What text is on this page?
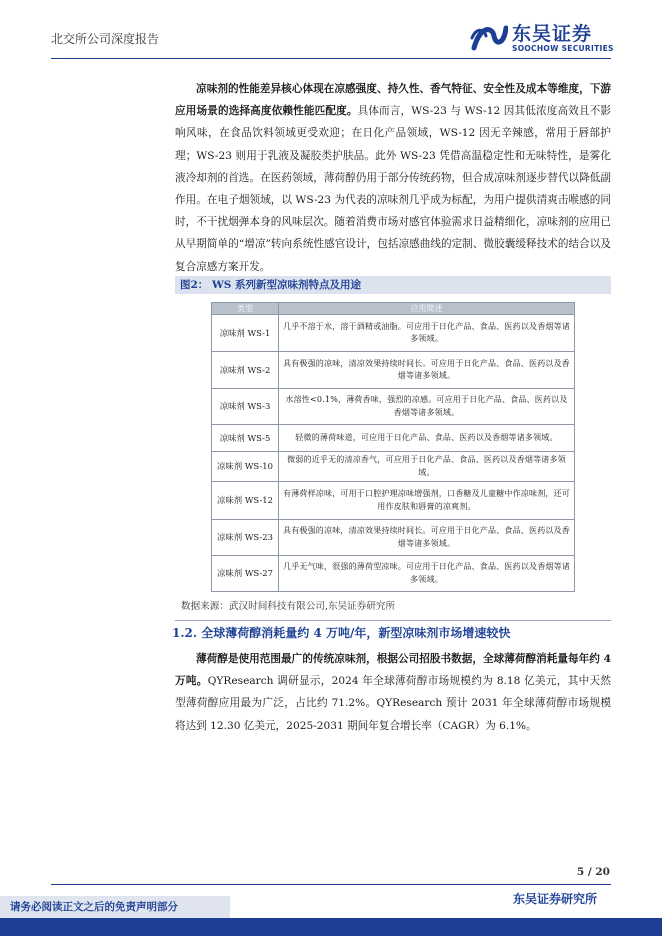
北交所公司深度报告	东吴证券
SOOCHOW SECURITIES
凉味剂的性能差异核心体现在凉感强度、持久性、香气特征、安全性及成本等维度，下游应用场景的选择高度依赖性能匹配度。具体而言，WS-23 与 WS-12 因其低浓度高效且不影响风味，在食品饮料领域更受欢迎；在日化产品领域，WS-12 因无辛辣感，常用于唇部护理；WS-23 则用于乳液及凝胶类护肤品。此外 WS-23 凭借高温稳定性和无味特性，是雾化液冷却剂的首选。在医药领域，薄荷醇仍用于部分传统药物，但合成凉味剂逐步替代以降低副作用。在电子烟领域，以 WS-23 为代表的凉味剂几乎成为标配，为用户提供清爽击喉感的同时，不干扰烟弹本身的风味层次。随着消费市场对感官体验需求日益精细化，凉味剂的应用已从早期简单的“增凉”转向系统性感官设计，包括凉感曲线的定制、微胶囊缓释技术的结合以及复合凉感方案开发。
图2： WS 系列新型凉味剂特点及用途
类型	应用简述
凉味剂 WS-1	几乎不溶于水，溶于酒精或油脂。可应用于日化产品、食品、医药以及香烟等诸多领域。
凉味剂 WS-2	具有极强的凉味，清凉效果持续时间长。可应用于日化产品、食品、医药以及香烟等诸多领域。
凉味剂 WS-3	水溶性<0.1%，薄荷香味，强烈的凉感。可应用于日化产品、食品、医药以及香烟等诸多领域。
凉味剂 WS-5	轻微的薄荷味道，可应用于日化产品、食品、医药以及香烟等诸多领域。
凉味剂 WS-10	微弱的近乎无的清凉香气，可应用于日化产品、食品、医药以及香烟等诸多领域。
凉味剂 WS-12	有薄荷样凉味，可用于口腔护理凉味增强剂，口香糖及儿童糖中作凉味剂，还可用作皮肤和唇膏的凉爽剂。
凉味剂 WS-23	具有极强的凉味，清凉效果持续时间长。可应用于日化产品、食品、医药以及香烟等诸多领域。
凉味剂 WS-27	几乎无气味，很强的薄荷型凉味。可应用于日化产品、食品、医药以及香烟等诸多领域。
数据来源：武汉时间科技有限公司,东吴证券研究所
1.2. 全球薄荷醇消耗量约 4 万吨/年，新型凉味剂市场增速较快
薄荷醇是使用范围最广的传统凉味剂，根据公司招股书数据，全球薄荷醇消耗量每年约 4 万吨。QYResearch 调研显示，2024 年全球薄荷醇市场规模约为 8.18 亿美元，其中天然型薄荷醇应用最为广泛，占比约 71.2%。QYResearch 预计 2031 年全球薄荷醇市场规模将达到 12.30 亿美元，2025-2031 期间年复合增长率（CAGR）为 6.1%。
5 / 20
东吴证券研究所
请务必阅读正文之后的免责声明部分
